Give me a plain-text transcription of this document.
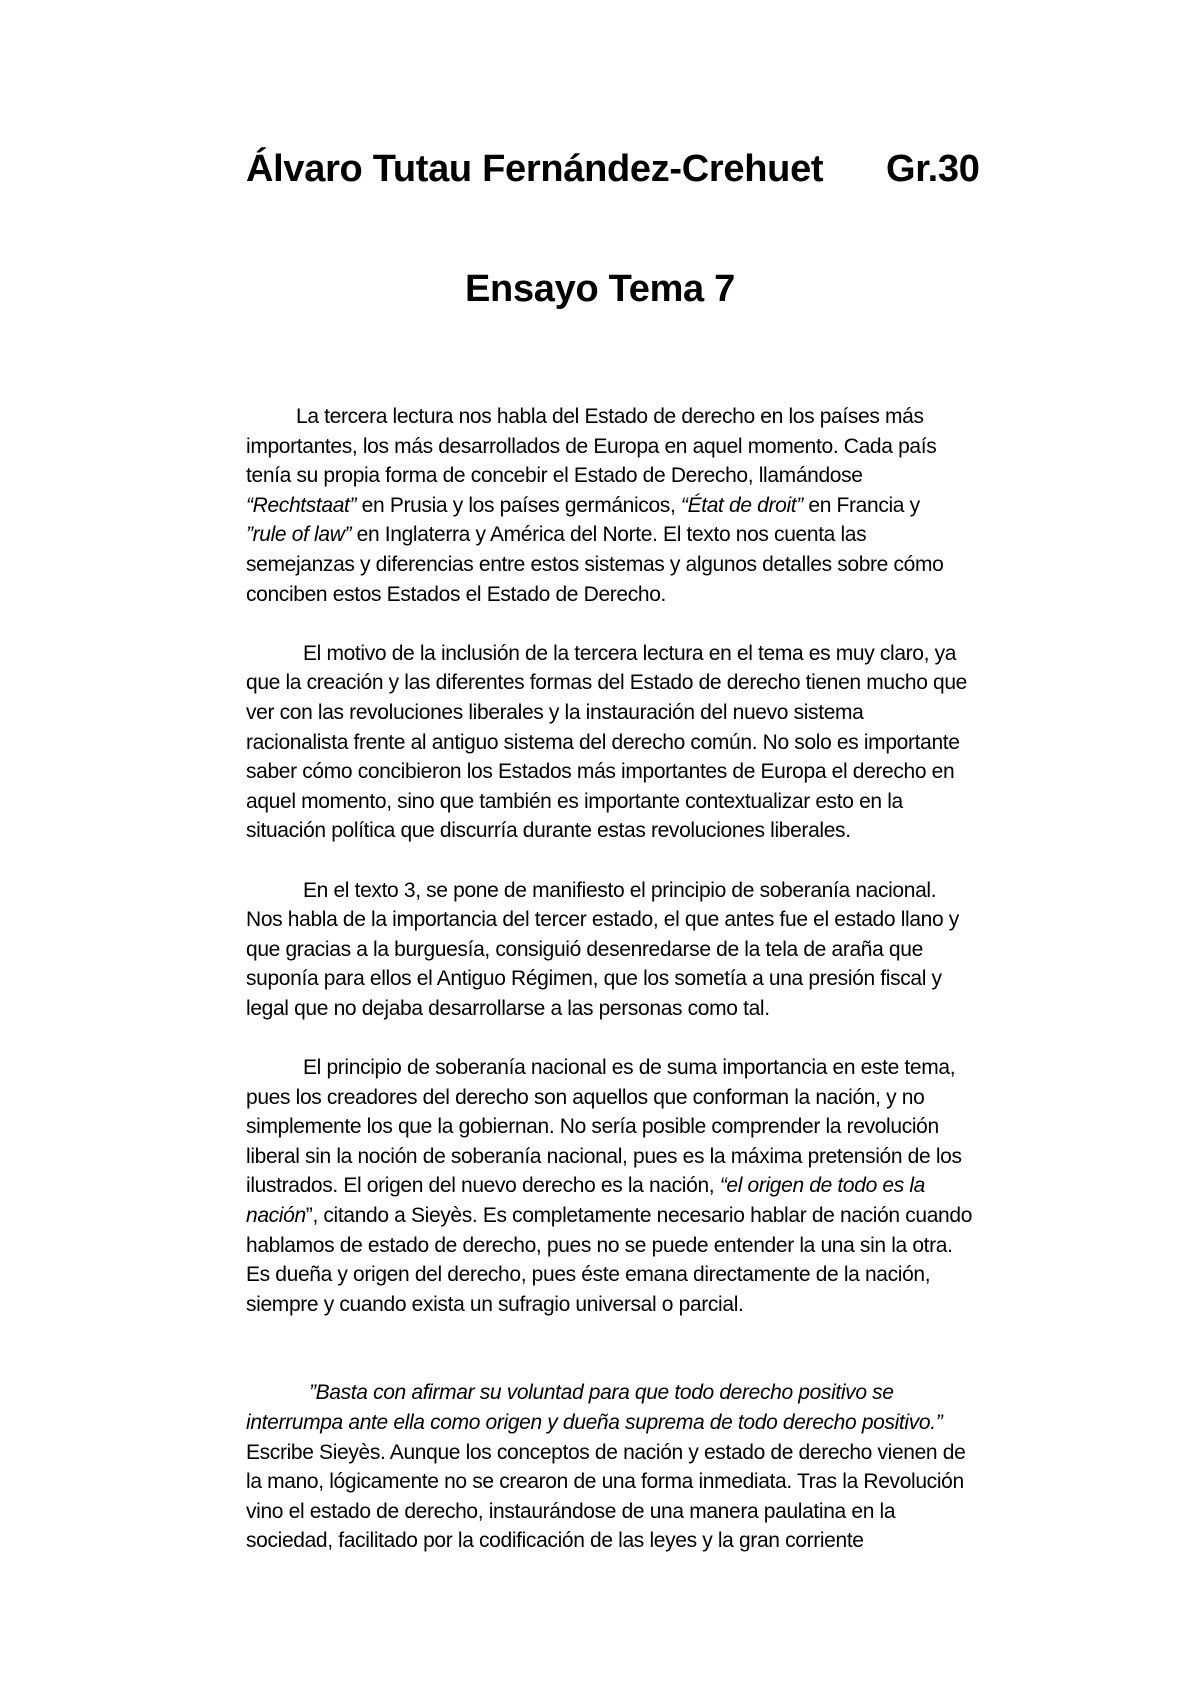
Álvaro Tutau Fernández-Crehuet Gr.30
Ensayo Tema 7
La tercera lectura nos habla del Estado de derecho en los países más
importantes, los más desarrollados de Europa en aquel momento. Cada país
tenía su propia forma de concebir el Estado de Derecho, llamándose
“Rechtstaat” en Prusia y los países germánicos, “État de droit” en Francia y
”rule of law” en Inglaterra y América del Norte. El texto nos cuenta las
semejanzas y diferencias entre estos sistemas y algunos detalles sobre cómo
conciben estos Estados el Estado de Derecho.
El motivo de la inclusión de la tercera lectura en el tema es muy claro, ya
que la creación y las diferentes formas del Estado de derecho tienen mucho que
ver con las revoluciones liberales y la instauración del nuevo sistema
racionalista frente al antiguo sistema del derecho común. No solo es importante
saber cómo concibieron los Estados más importantes de Europa el derecho en
aquel momento, sino que también es importante contextualizar esto en la
situación política que discurría durante estas revoluciones liberales.
En el texto 3, se pone de manifiesto el principio de soberanía nacional.
Nos habla de la importancia del tercer estado, el que antes fue el estado llano y
que gracias a la burguesía, consiguió desenredarse de la tela de araña que
suponía para ellos el Antiguo Régimen, que los sometía a una presión fiscal y
legal que no dejaba desarrollarse a las personas como tal.
El principio de soberanía nacional es de suma importancia en este tema,
pues los creadores del derecho son aquellos que conforman la nación, y no
simplemente los que la gobiernan. No sería posible comprender la revolución
liberal sin la noción de soberanía nacional, pues es la máxima pretensión de los
ilustrados. El origen del nuevo derecho es la nación, “el origen de todo es la
nación”, citando a Sieyès. Es completamente necesario hablar de nación cuando
hablamos de estado de derecho, pues no se puede entender la una sin la otra.
Es dueña y origen del derecho, pues éste emana directamente de la nación,
siempre y cuando exista un sufragio universal o parcial.
”Basta con afirmar su voluntad para que todo derecho positivo se
interrumpa ante ella como origen y dueña suprema de todo derecho positivo.”
Escribe Sieyès. Aunque los conceptos de nación y estado de derecho vienen de
la mano, lógicamente no se crearon de una forma inmediata. Tras la Revolución
vino el estado de derecho, instaurándose de una manera paulatina en la
sociedad, facilitado por la codificación de las leyes y la gran corriente
